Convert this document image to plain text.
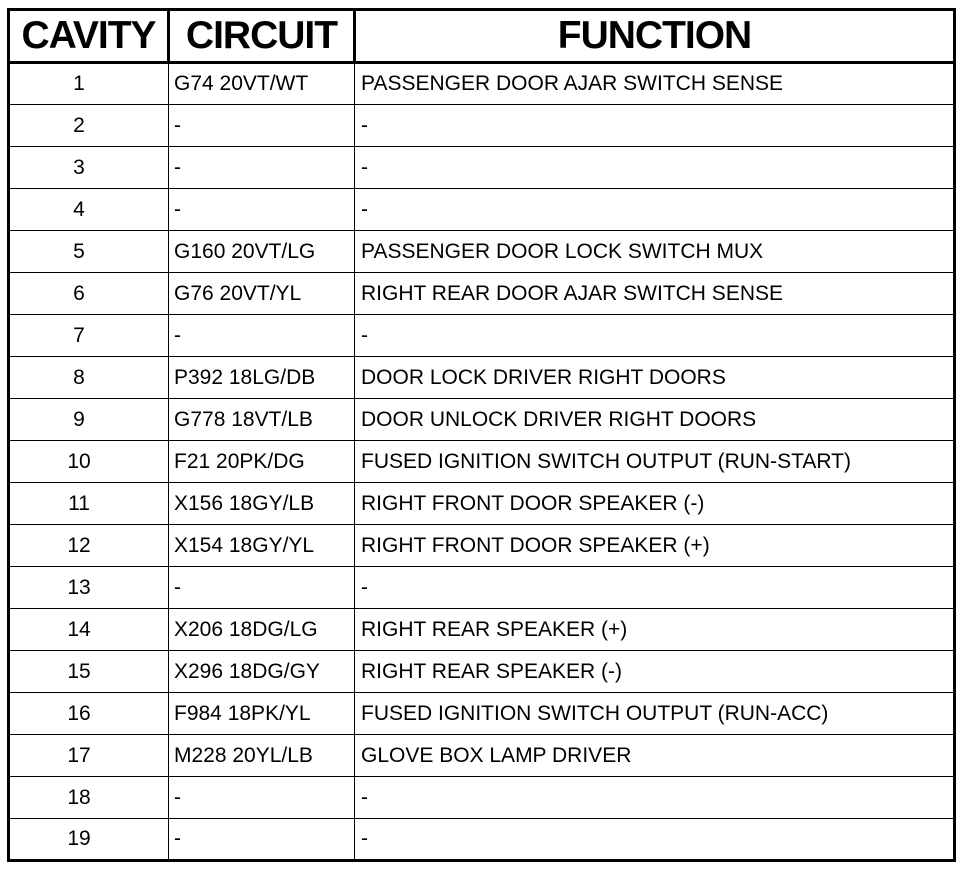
CAVITY	CIRCUIT	FUNCTION
1	G74 20VT/WT	PASSENGER DOOR AJAR SWITCH SENSE
2	-	-
3	-	-
4	-	-
5	G160 20VT/LG	PASSENGER DOOR LOCK SWITCH MUX
6	G76 20VT/YL	RIGHT REAR DOOR AJAR SWITCH SENSE
7	-	-
8	P392 18LG/DB	DOOR LOCK DRIVER RIGHT DOORS
9	G778 18VT/LB	DOOR UNLOCK DRIVER RIGHT DOORS
10	F21 20PK/DG	FUSED IGNITION SWITCH OUTPUT (RUN-START)
11	X156 18GY/LB	RIGHT FRONT DOOR SPEAKER (-)
12	X154 18GY/YL	RIGHT FRONT DOOR SPEAKER (+)
13	-	-
14	X206 18DG/LG	RIGHT REAR SPEAKER (+)
15	X296 18DG/GY	RIGHT REAR SPEAKER (-)
16	F984 18PK/YL	FUSED IGNITION SWITCH OUTPUT (RUN-ACC)
17	M228 20YL/LB	GLOVE BOX LAMP DRIVER
18	-	-
19	-	-
